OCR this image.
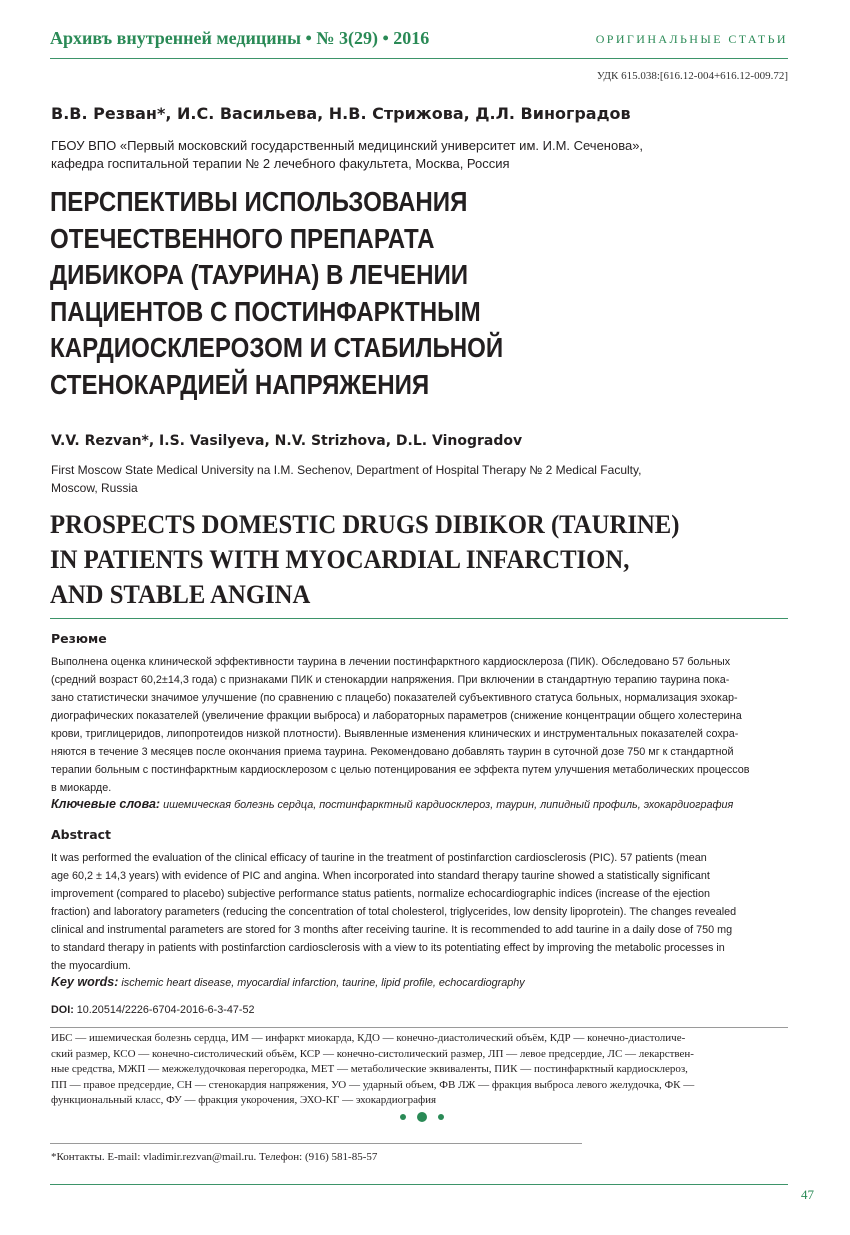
Архивъ внутренней медицины • № 3(29) • 2016	ОРИГИНАЛЬНЫЕ СТАТЬИ
УДК 615.038:[616.12-004+616.12-009.72]
В.В. Резван*, И.С. Васильева, Н.В. Стрижова, Д.Л. Виноградов
ГБОУ ВПО «Первый московский государственный медицинский университет им. И.М. Сеченова»,
кафедра госпитальной терапии № 2 лечебного факультета, Москва, Россия
ПЕРСПЕКТИВЫ ИСПОЛЬЗОВАНИЯ
ОТЕЧЕСТВЕННОГО ПРЕПАРАТА
ДИБИКОРА (ТАУРИНА) В ЛЕЧЕНИИ
ПАЦИЕНТОВ С ПОСТИНФАРКТНЫМ
КАРДИОСКЛЕРОЗОМ И СТАБИЛЬНОЙ
СТЕНОКАРДИЕЙ НАПРЯЖЕНИЯ
V.V. Rezvan*, I.S. Vasilyeva, N.V. Strizhova, D.L. Vinogradov
First Moscow State Medical University na I.M. Sechenov, Department of Hospital Therapy № 2 Medical Faculty,
Moscow, Russia
PROSPECTS DOMESTIC DRUGS DIBIKOR (TAURINE)
IN PATIENTS WITH MYOCARDIAL INFARCTION,
AND STABLE ANGINA
Резюме
Выполнена оценка клинической эффективности таурина в лечении постинфарктного кардиосклероза (ПИК). Обследовано 57 больных
(средний возраст 60,2±14,3 года) с признаками ПИК и стенокардии напряжения. При включении в стандартную терапию таурина пока-
зано статистически значимое улучшение (по сравнению с плацебо) показателей субъективного статуса больных, нормализация эхокар-
диографических показателей (увеличение фракции выброса) и лабораторных параметров (снижение концентрации общего холестерина
крови, триглицеридов, липопротеидов низкой плотности). Выявленные изменения клинических и инструментальных показателей сохра-
няются в течение 3 месяцев после окончания приема таурина. Рекомендовано добавлять таурин в суточной дозе 750 мг к стандартной
терапии больным с постинфарктным кардиосклерозом с целью потенцирования ее эффекта путем улучшения метаболических процессов
в миокарде.
Ключевые слова: ишемическая болезнь сердца, постинфарктный кардиосклероз, таурин, липидный профиль, эхокардиография
Abstract
It was performed the evaluation of the clinical efficacy of taurine in the treatment of postinfarction cardiosclerosis (PIC). 57 patients (mean
age 60,2 ± 14,3 years) with evidence of PIC and angina. When incorporated into standard therapy taurine showed a statistically significant
improvement (compared to placebo) subjective performance status patients, normalize echocardiographic indices (increase of the ejection
fraction) and laboratory parameters (reducing the concentration of total cholesterol, triglycerides, low density lipoprotein). The changes revealed
clinical and instrumental parameters are stored for 3 months after receiving taurine. It is recommended to add taurine in a daily dose of 750 mg
to standard therapy in patients with postinfarction cardiosclerosis with a view to its potentiating effect by improving the metabolic processes in
the myocardium.
Key words: ischemic heart disease, myocardial infarction, taurine, lipid profile, echocardiography
DOI: 10.20514/2226-6704-2016-6-3-47-52
ИБС — ишемическая болезнь сердца, ИМ — инфаркт миокарда, КДО — конечно-диастолический объём, КДР — конечно-диастоличе-
ский размер, КСО — конечно-систолический объём, КСР — конечно-систолический размер, ЛП — левое предсердие, ЛС — лекарствен-
ные средства, МЖП — межжелудочковая перегородка, МЕТ — метаболические эквиваленты, ПИК — постинфарктный кардиосклероз,
ПП — правое предсердие, СН — стенокардия напряжения, УО — ударный объем, ФВ ЛЖ — фракция выброса левого желудочка, ФК —
функциональный класс, ФУ — фракция укорочения, ЭХО-КГ — эхокардиография
*Контакты. E-mail: vladimir.rezvan@mail.ru. Телефон: (916) 581-85-57
47
